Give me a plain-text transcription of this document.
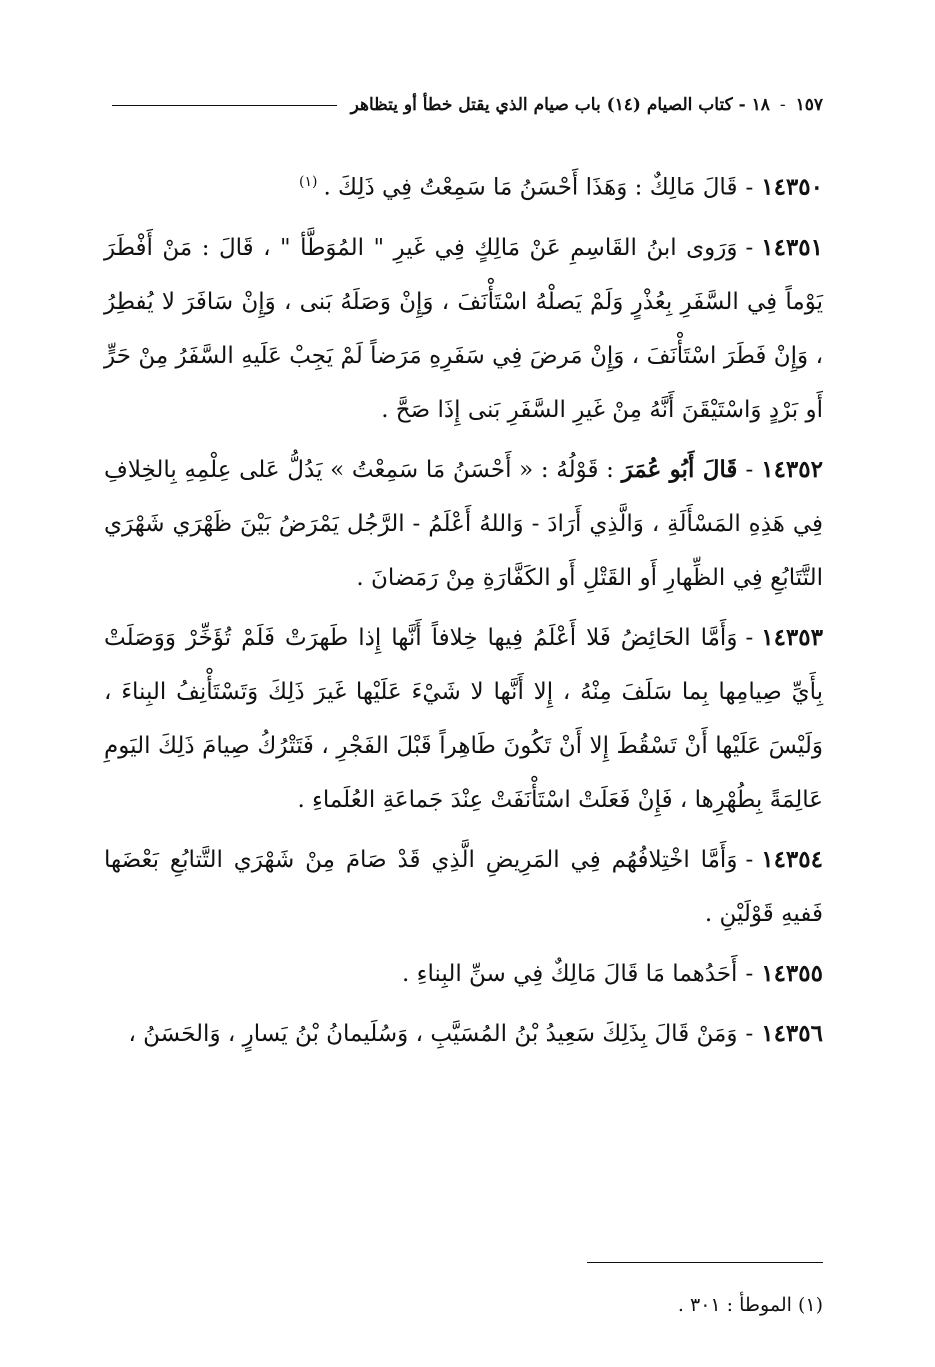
١٥٧
-
١٨ - كتاب الصيام (١٤) باب صيام الذي يقتل خطأ أو يتظاهر

١٤٣٥٠-قَالَ مَالِكٌ : وَهَذَا أَحْسَنُ مَا سَمِعْتُ فِي ذَلِكَ .$^{(١)}$

١٤٣٥١-وَرَوى ابنُ القَاسِمِ عَنْ مَالِكٍ فِي غَيرِ " المُوَطَّأ " ، قَالَ : مَنْ أَفْطَرَ يَوْماً فِي السَّفَرِ بِعُذْرٍ وَلَمْ يَصلْهُ اسْتَأْنَفَ ، وَإِنْ وَصَلَهُ بَنى ، وَإِنْ سَافَرَ لا يُفطِرُ ، وَإِنْ فَطَرَ اسْتَأْنَفَ ، وَإِنْ مَرضَ فِي سَفَرِهِ مَرَضاً لَمْ يَجِبْ عَلَيهِ السَّفَرُ مِنْ حَرٍّ أَو بَرْدٍ وَاسْتَيْقَنَ أَنَّهُ مِنْ غَيرِ السَّفَرِ بَنى إِذَا صَحَّ .

١٤٣٥٢-قَالَ أَبُو عُمَرَ : قَوْلُهُ : « أَحْسَنُ مَا سَمِعْتُ » يَدُلُّ عَلى عِلْمِهِ بِالخِلافِ فِي هَذِهِ المَسْأَلَةِ ، وَالَّذِي أَرَادَ - وَاللهُ أَعْلَمُ - الرَّجُل يَمْرَضُ بَيْنَ ظَهْرَي شَهْرَي التَّتَابُعِ فِي الظِّهارِ أَو القَتْلِ أَو الكَفَّارَةِ مِنْ رَمَضانَ .

١٤٣٥٣-وَأَمَّا الحَائِضُ فَلا أَعْلَمُ فِيها خِلافاً أَنَّها إِذا طَهرَتْ فَلَمْ تُؤَخِّرْ وَوَصَلَتْ بِأَيِّ صِيامِها بِما سَلَفَ مِنْهُ ، إِلا أَنَّها لا شَيْءَ عَلَيْها غَيرَ ذَلِكَ وَتَسْتَأْنِفُ البِناءَ ، وَلَيْسَ عَلَيْها أَنْ تَسْقُطَ إِلا أَنْ تَكُونَ طَاهِراً قَبْلَ الفَجْرِ ، فَتَتْرُكُ صِيامَ ذَلِكَ اليَومِ عَالِمَةً بِطُهْرِها ، فَإِنْ فَعَلَتْ اسْتَأْنَفَتْ عِنْدَ جَماعَةِ العُلَماءِ .

١٤٣٥٤-وَأَمَّا اخْتِلافُهُم فِي المَرِيضِ الَّذِي قَدْ صَامَ مِنْ شَهْرَي التَّتابُعِ بَعْضَها فَفيهِ قَوْلَيْنِ .

١٤٣٥٥-أَحَدُهما مَا قَالَ مَالِكٌ فِي سنِّ البِناءِ .

١٤٣٥٦-وَمَنْ قَالَ بِذَلِكَ سَعِيدُ بْنُ المُسَيَّبِ ، وَسُلَيمانُ بْنُ يَسارٍ ، وَالحَسَنُ ،

(١) الموطأ : ٣٠١ .
